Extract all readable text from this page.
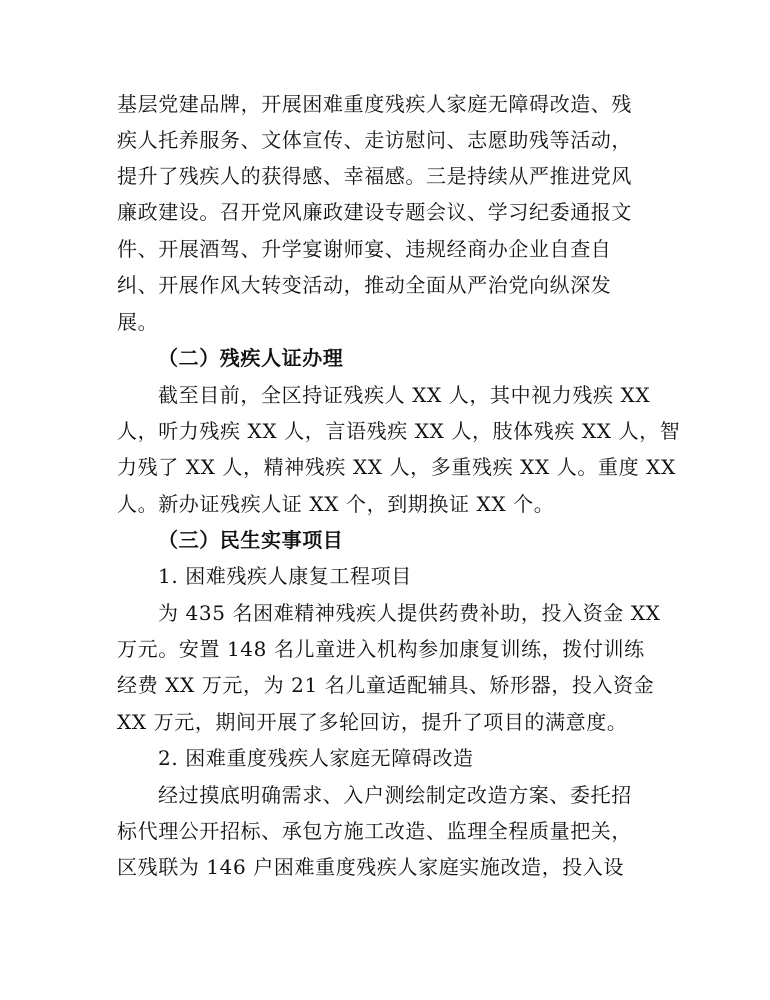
基层党建品牌，开展困难重度残疾人家庭无障碍改造、残
疾人托养服务、文体宣传、走访慰问、志愿助残等活动，
提升了残疾人的获得感、幸福感。三是持续从严推进党风
廉政建设。召开党风廉政建设专题会议、学习纪委通报文
件、开展酒驾、升学宴谢师宴、违规经商办企业自查自
纠、开展作风大转变活动，推动全面从严治党向纵深发
展。
（二）残疾人证办理
截至目前，全区持证残疾人 XX 人，其中视力残疾 XX
人，听力残疾 XX 人，言语残疾 XX 人，肢体残疾 XX 人，智
力残了 XX 人，精神残疾 XX 人，多重残疾 XX 人。重度 XX
人。新办证残疾人证 XX 个，到期换证 XX 个。
（三）民生实事项目
1. 困难残疾人康复工程项目
为 435 名困难精神残疾人提供药费补助，投入资金 XX
万元。安置 148 名儿童进入机构参加康复训练，拨付训练
经费 XX 万元，为 21 名儿童适配辅具、矫形器，投入资金
XX 万元，期间开展了多轮回访，提升了项目的满意度。
2. 困难重度残疾人家庭无障碍改造
经过摸底明确需求、入户测绘制定改造方案、委托招
标代理公开招标、承包方施工改造、监理全程质量把关，
区残联为 146 户困难重度残疾人家庭实施改造，投入设
